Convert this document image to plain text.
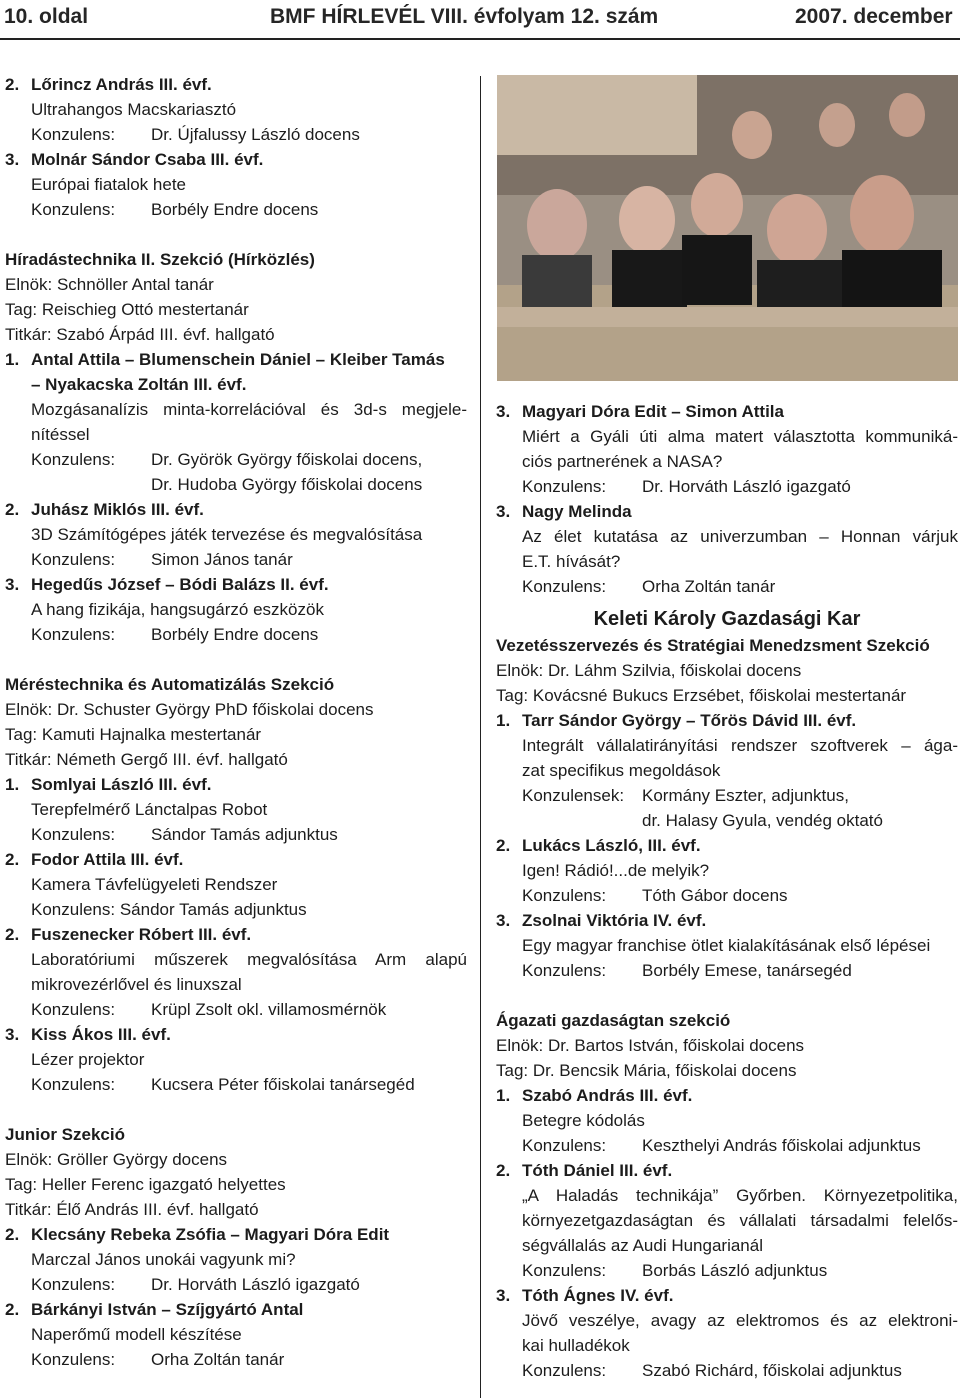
10. oldal	BMF HÍRLEVÉL VIII. évfolyam 12. szám	2007. december
2. Lőrincz András III. évf.
Ultrahangos Macskariasztó
Konzulens: Dr. Újfalussy László docens
3. Molnár Sándor Csaba III. évf.
Európai fiatalok hete
Konzulens: Borbély Endre docens
Híradástechnika II. Szekció (Hírközlés)
Elnök: Schnöller Antal tanár
Tag: Reischieg Ottó mestertanár
Titkár: Szabó Árpád III. évf. hallgató
1. Antal Attila – Blumenschein Dániel – Kleiber Tamás
– Nyakacska Zoltán III. évf.
Mozgásanalízis minta-korrelációval és 3d-s megjele-
nítéssel
Konzulens: Dr. Györök György főiskolai docens,
Dr. Hudoba György főiskolai docens
2. Juhász Miklós III. évf.
3D Számítógépes játék tervezése és megvalósítása
Konzulens: Simon János tanár
3. Hegedűs József – Bódi Balázs II. évf.
A hang fizikája, hangsugárzó eszközök
Konzulens: Borbély Endre docens
Méréstechnika és Automatizálás Szekció
Elnök: Dr. Schuster György PhD főiskolai docens
Tag: Kamuti Hajnalka mestertanár
Titkár: Németh Gergő III. évf. hallgató
1. Somlyai László III. évf.
Terepfelmérő Lánctalpas Robot
Konzulens: Sándor Tamás adjunktus
2. Fodor Attila III. évf.
Kamera Távfelügyeleti Rendszer
Konzulens: Sándor Tamás adjunktus
2. Fuszenecker Róbert III. évf.
Laboratóriumi műszerek megvalósítása Arm alapú
mikrovezérlővel és linuxszal
Konzulens: Krüpl Zsolt okl. villamosmérnök
3. Kiss Ákos III. évf.
Lézer projektor
Konzulens: Kucsera Péter főiskolai tanársegéd
Junior Szekció
Elnök: Gröller György docens
Tag: Heller Ferenc igazgató helyettes
Titkár: Élő András III. évf. hallgató
2. Klecsány Rebeka Zsófia – Magyari Dóra Edit
Marczal János unokái vagyunk mi?
Konzulens: Dr. Horváth László igazgató
2. Bárkányi István – Szíjgyártó Antal
Naperőmű modell készítése
Konzulens: Orha Zoltán tanár
3. Magyari Dóra Edit – Simon Attila
Miért a Gyáli úti alma matert választotta kommuniká-
ciós partnerének a NASA?
Konzulens: Dr. Horváth László igazgató
3. Nagy Melinda
Az élet kutatása az univerzumban – Honnan várjuk
E.T. hívását?
Konzulens: Orha Zoltán tanár
Keleti Károly Gazdasági Kar
Vezetésszervezés és Stratégiai Menedzsment Szekció
Elnök: Dr. Láhm Szilvia, főiskolai docens
Tag: Kovácsné Bukucs Erzsébet, főiskolai mestertanár
1. Tarr Sándor György – Tőrös Dávid III. évf.
Integrált vállalatirányítási rendszer szoftverek – ága-
zat specifikus megoldások
Konzulensek: Kormány Eszter, adjunktus,
dr. Halasy Gyula, vendég oktató
2. Lukács László, III. évf.
Igen! Rádió!...de melyik?
Konzulens: Tóth Gábor docens
3. Zsolnai Viktória IV. évf.
Egy magyar franchise ötlet kialakításának első lépései
Konzulens: Borbély Emese, tanársegéd
Ágazati gazdaságtan szekció
Elnök: Dr. Bartos István, főiskolai docens
Tag: Dr. Bencsik Mária, főiskolai docens
1. Szabó András III. évf.
Betegre kódolás
Konzulens: Keszthelyi András főiskolai adjunktus
2. Tóth Dániel III. évf.
„A Haladás technikája” Győrben. Környezetpolitika,
környezetgazdaságtan és vállalati társadalmi felelős-
ségvállalás az Audi Hungarianál
Konzulens: Borbás László adjunktus
3. Tóth Ágnes IV. évf.
Jövő veszélye, avagy az elektromos és az elektroni-
kai hulladékok
Konzulens: Szabó Richárd, főiskolai adjunktus
